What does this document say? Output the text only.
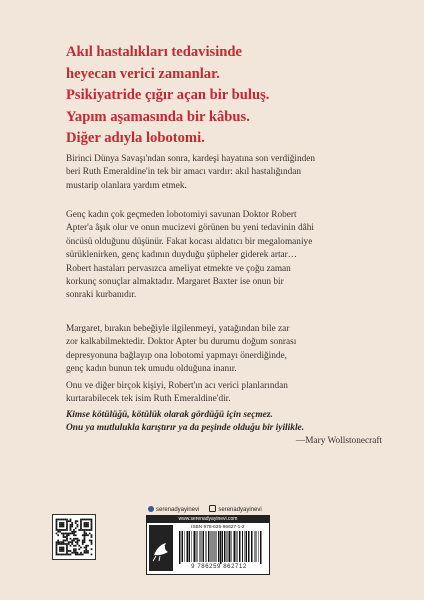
Akıl hastalıkları tedavisinde
heyecan verici zamanlar.
Psikiyatride çığır açan bir buluş.
Yapım aşamasında bir kâbus.
Diğer adıyla lobotomi.
Birinci Dünya Savaşı'ndan sonra, kardeşi hayatına son verdiğinden
beri Ruth Emeraldine'in tek bir amacı vardır: akıl hastalığından
mustarip olanlara yardım etmek.
Genç kadın çok geçmeden lobotomiyi savunan Doktor Robert
Apter'a âşık olur ve onun mucizevi görünen bu yeni tedavinin dâhi
öncüsü olduğunu düşünür. Fakat kocası aldatıcı bir megalomaniye
sürüklenirken, genç kadının duyduğu şüpheler giderek artar…
Robert hastaları pervasızca ameliyat etmekte ve çoğu zaman
korkunç sonuçlar almaktadır. Margaret Baxter ise onun bir
sonraki kurbanıdır.
Margaret, bırakın bebeğiyle ilgilenmeyi, yatağından bile zar
zor kalkabilmektedir. Doktor Apter bu durumu doğum sonrası
depresyonuna bağlayıp ona lobotomi yapmayı önerdiğinde,
genç kadın bunun tek umudu olduğuna inanır.
Onu ve diğer birçok kişiyi, Robert'ın acı verici planlarından
kurtarabilecek tek isim Ruth Emeraldine'dir.
Kimse kötülüğü, kötülük olarak gördüğü için seçmez.
Onu ya mutlulukla karıştırır ya da peşinde olduğu bir iyilikle.
—Mary Wollstonecraft
serenadyayinevi	serenadyayinevi
www.serenadyayinevi.com
ISBN 978-625-96627-1-2
9 786259 862712
